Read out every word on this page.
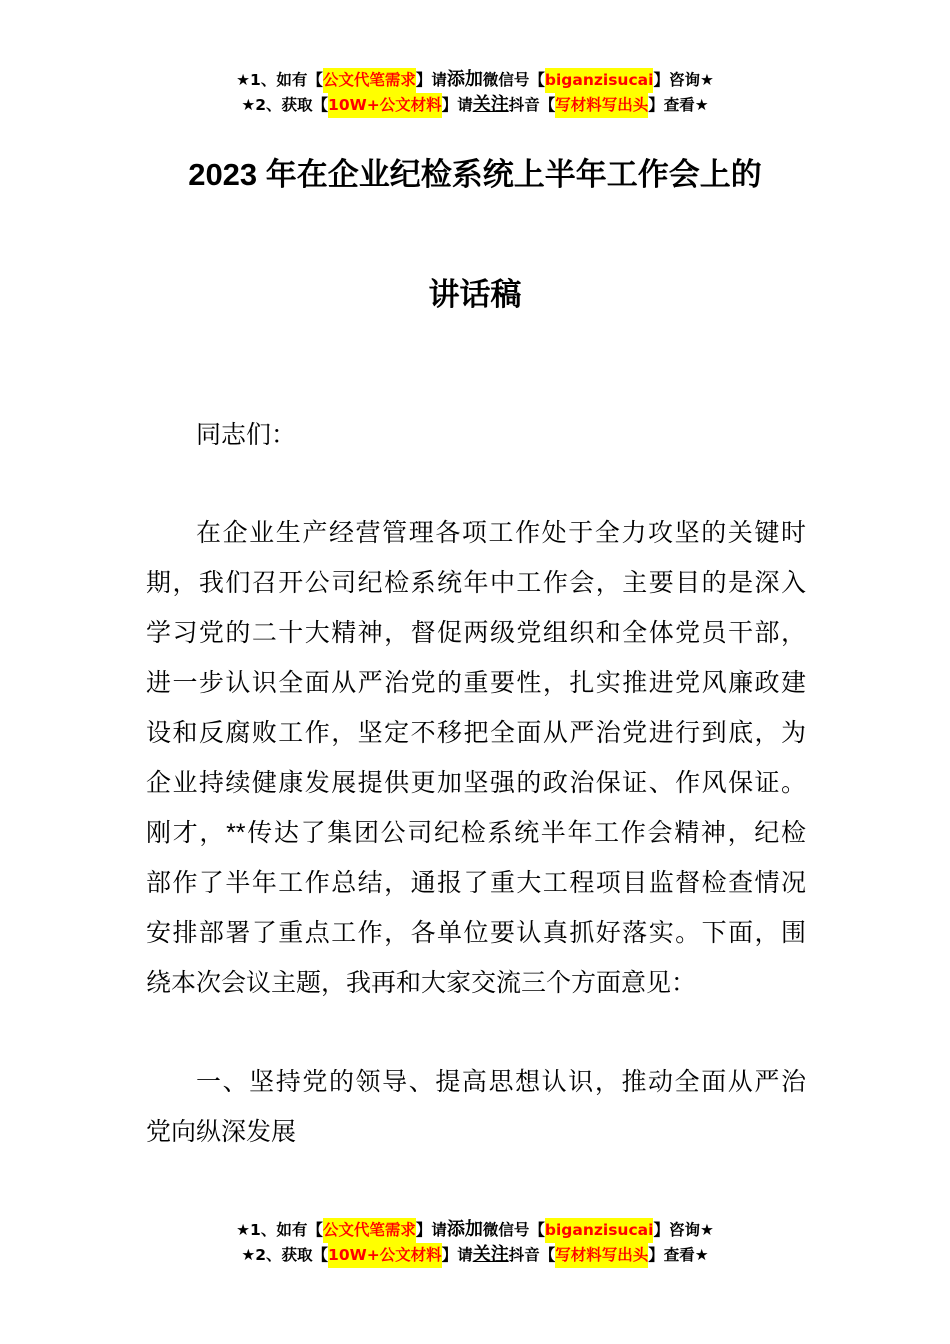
★1、如有【 公文代笔需求 】请 添加 微信号【 biganzisucai 】咨询★
★2、获取【 10W+公文材料 】请 关注 抖音【 写材料写出头 】查看★
2023 年在企业纪检系统上半年工作会上的
讲话稿
同志们：
在企业生产经营管理各项工作处于全力攻坚的关键时
期，我们召开公司纪检系统年中工作会，主要目的是深入
学习党的二十大精神，督促两级党组织和全体党员干部，
进一步认识全面从严治党的重要性，扎实推进党风廉政建
设和反腐败工作，坚定不移把全面从严治党进行到底，为
企业持续健康发展提供更加坚强的政治保证、作风保证。
刚才，**传达了集团公司纪检系统半年工作会精神，纪检
部作了半年工作总结，通报了重大工程项目监督检查情况
安排部署了重点工作，各单位要认真抓好落实。下面，围
绕本次会议主题，我再和大家交流三个方面意见：
一、坚持党的领导、提高思想认识，推动全面从严治
党向纵深发展
★1、如有【 公文代笔需求 】请 添加 微信号【 biganzisucai 】咨询★
★2、获取【 10W+公文材料 】请 关注 抖音【 写材料写出头 】查看★
